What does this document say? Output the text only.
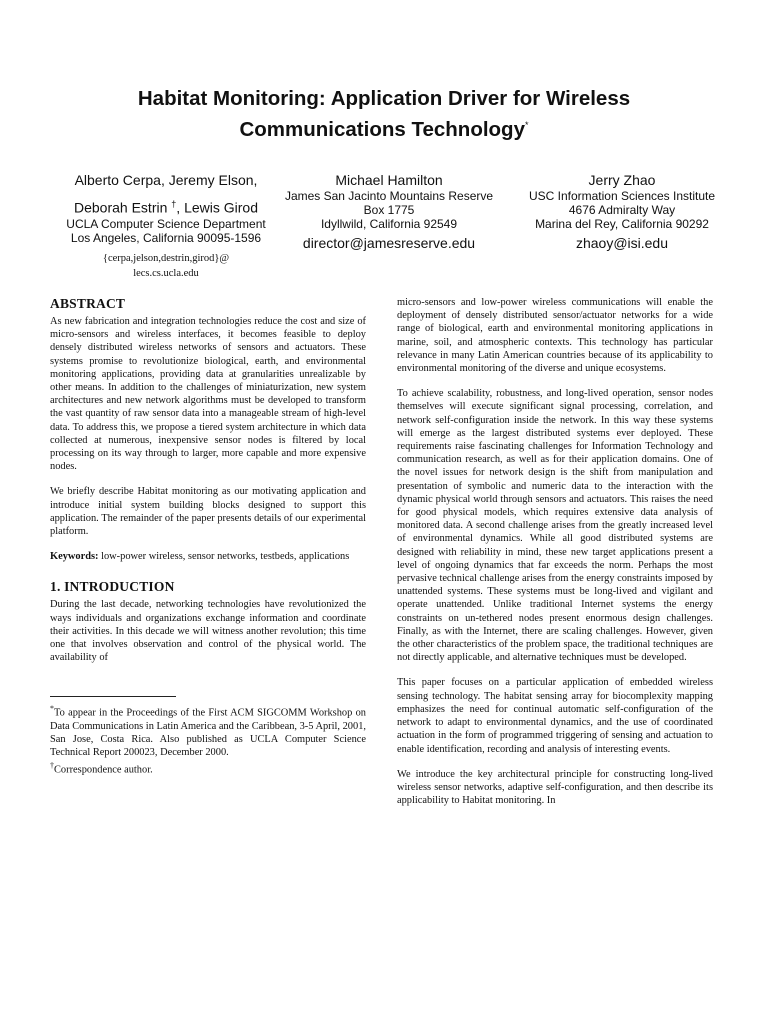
Habitat Monitoring: Application Driver for Wireless Communications Technology*
Alberto Cerpa, Jeremy Elson,
Deborah Estrin †, Lewis Girod
UCLA Computer Science Department
Los Angeles, California 90095-1596
{cerpa,jelson,destrin,girod}@
lecs.cs.ucla.edu
Michael Hamilton
James San Jacinto Mountains Reserve
Box 1775
Idyllwild, California 92549
director@jamesreserve.edu
Jerry Zhao
USC Information Sciences Institute
4676 Admiralty Way
Marina del Rey, California 90292
zhaoy@isi.edu
ABSTRACT

As new fabrication and integration technologies reduce the cost and size of micro-sensors and wireless interfaces, it becomes feasible to deploy densely distributed wireless networks of sensors and actuators. These systems promise to revolutionize biological, earth, and environmental monitoring applications, providing data at granularities unrealizable by other means. In addition to the challenges of miniaturization, new system architectures and new network algorithms must be developed to transform the vast quantity of raw sensor data into a manageable stream of high-level data. To address this, we propose a tiered system architecture in which data collected at numerous, inexpensive sensor nodes is filtered by local processing on its way through to larger, more capable and more expensive nodes.

We briefly describe Habitat monitoring as our motivating application and introduce initial system building blocks designed to support this application. The remainder of the paper presents details of our experimental platform.

Keywords: low-power wireless, sensor networks, testbeds, applications

1. INTRODUCTION

During the last decade, networking technologies have revolutionized the ways individuals and organizations exchange information and coordinate their activities. In this decade we will witness another revolution; this time one that involves observation and control of the physical world. The availability of

*To appear in the Proceedings of the First ACM SIGCOMM Workshop on Data Communications in Latin America and the Caribbean, 3-5 April, 2001, San Jose, Costa Rica. Also published as UCLA Computer Science Technical Report 200023, December 2000.

†Correspondence author.

micro-sensors and low-power wireless communications will enable the deployment of densely distributed sensor/actuator networks for a wide range of biological, earth and environmental monitoring applications in marine, soil, and atmospheric contexts. This technology has particular relevance in many Latin American countries because of its applicability to environmental monitoring of the diverse and unique ecosystems.

To achieve scalability, robustness, and long-lived operation, sensor nodes themselves will execute significant signal processing, correlation, and network self-configuration inside the network. In this way these systems will emerge as the largest distributed systems ever deployed. These requirements raise fascinating challenges for Information Technology and communication research, as well as for their application domains. One of the novel issues for network design is the shift from manipulation and presentation of symbolic and numeric data to the interaction with the dynamic physical world through sensors and actuators. This raises the need for good physical models, which requires extensive data analysis of monitored data. A second challenge arises from the greatly increased level of environmental dynamics. While all good distributed systems are designed with reliability in mind, these new target applications present a level of ongoing dynamics that far exceeds the norm. Perhaps the most pervasive technical challenge arises from the energy constraints imposed by unattended systems. These systems must be long-lived and vigilant and operate unattended. Unlike traditional Internet systems the energy constraints on un-tethered nodes present enormous design challenges. Finally, as with the Internet, there are scaling challenges. However, given the other characteristics of the problem space, the traditional techniques are not directly applicable, and alternative techniques must be developed.

This paper focuses on a particular application of embedded wireless sensing technology. The habitat sensing array for biocomplexity mapping emphasizes the need for continual automatic self-configuration of the network to adapt to environmental dynamics, and the use of coordinated actuation in the form of programmed triggering of sensing and actuation to enable identification, recording and analysis of interesting events.

We introduce the key architectural principle for constructing long-lived wireless sensor networks, adaptive self-configuration, and then describe its applicability to Habitat monitoring. In
